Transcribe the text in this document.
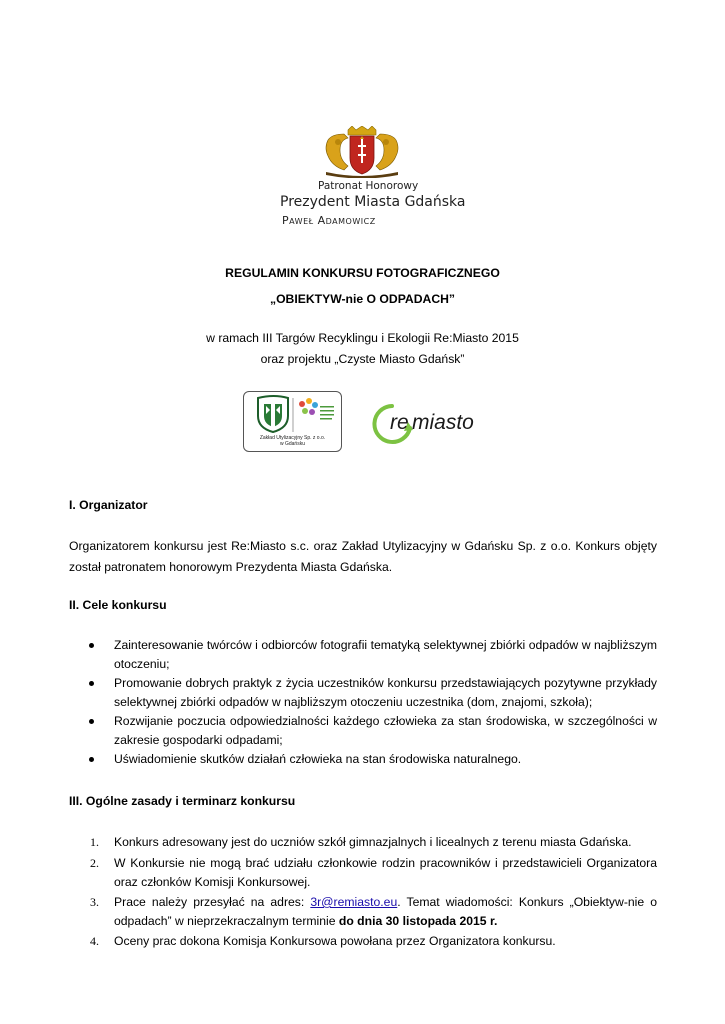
Patronat Honorowy
Prezydent Miasta Gdańska
Paweł Adamowicz
REGULAMIN KONKURSU FOTOGRAFICZNEGO
„OBIEKTYW-nie O ODPADACH”
w ramach III Targów Recyklingu i Ekologii Re:Miasto 2015
oraz projektu „Czyste Miasto Gdańsk”
Zakład Utylizacyjny Sp. z o.o.
w Gdańsku
re miasto
I. Organizator
Organizatorem konkursu jest Re:Miasto s.c. oraz Zakład Utylizacyjny w Gdańsku Sp. z o.o. Konkurs objęty został patronatem honorowym Prezydenta Miasta Gdańska.
II. Cele konkursu
Zainteresowanie twórców i odbiorców fotografii tematyką selektywnej zbiórki odpadów w najbliższym otoczeniu;
Promowanie dobrych praktyk z życia uczestników konkursu przedstawiających pozytywne przykłady selektywnej zbiórki odpadów w najbliższym otoczeniu uczestnika (dom, znajomi, szkoła);
Rozwijanie poczucia odpowiedzialności każdego człowieka za stan środowiska, w szczególności w zakresie gospodarki odpadami;
Uświadomienie skutków działań człowieka na stan środowiska naturalnego.
III. Ogólne zasady i terminarz konkursu
1. Konkurs adresowany jest do uczniów szkół gimnazjalnych i licealnych z terenu miasta Gdańska.
2. W Konkursie nie mogą brać udziału członkowie rodzin pracowników i przedstawicieli Organizatora oraz członków Komisji Konkursowej.
3. Prace należy przesyłać na adres: 3r@remiasto.eu. Temat wiadomości: Konkurs „Obiektyw-nie o odpadach” w nieprzekraczalnym terminie do dnia 30 listopada 2015 r.
4. Oceny prac dokona Komisja Konkursowa powołana przez Organizatora konkursu.
